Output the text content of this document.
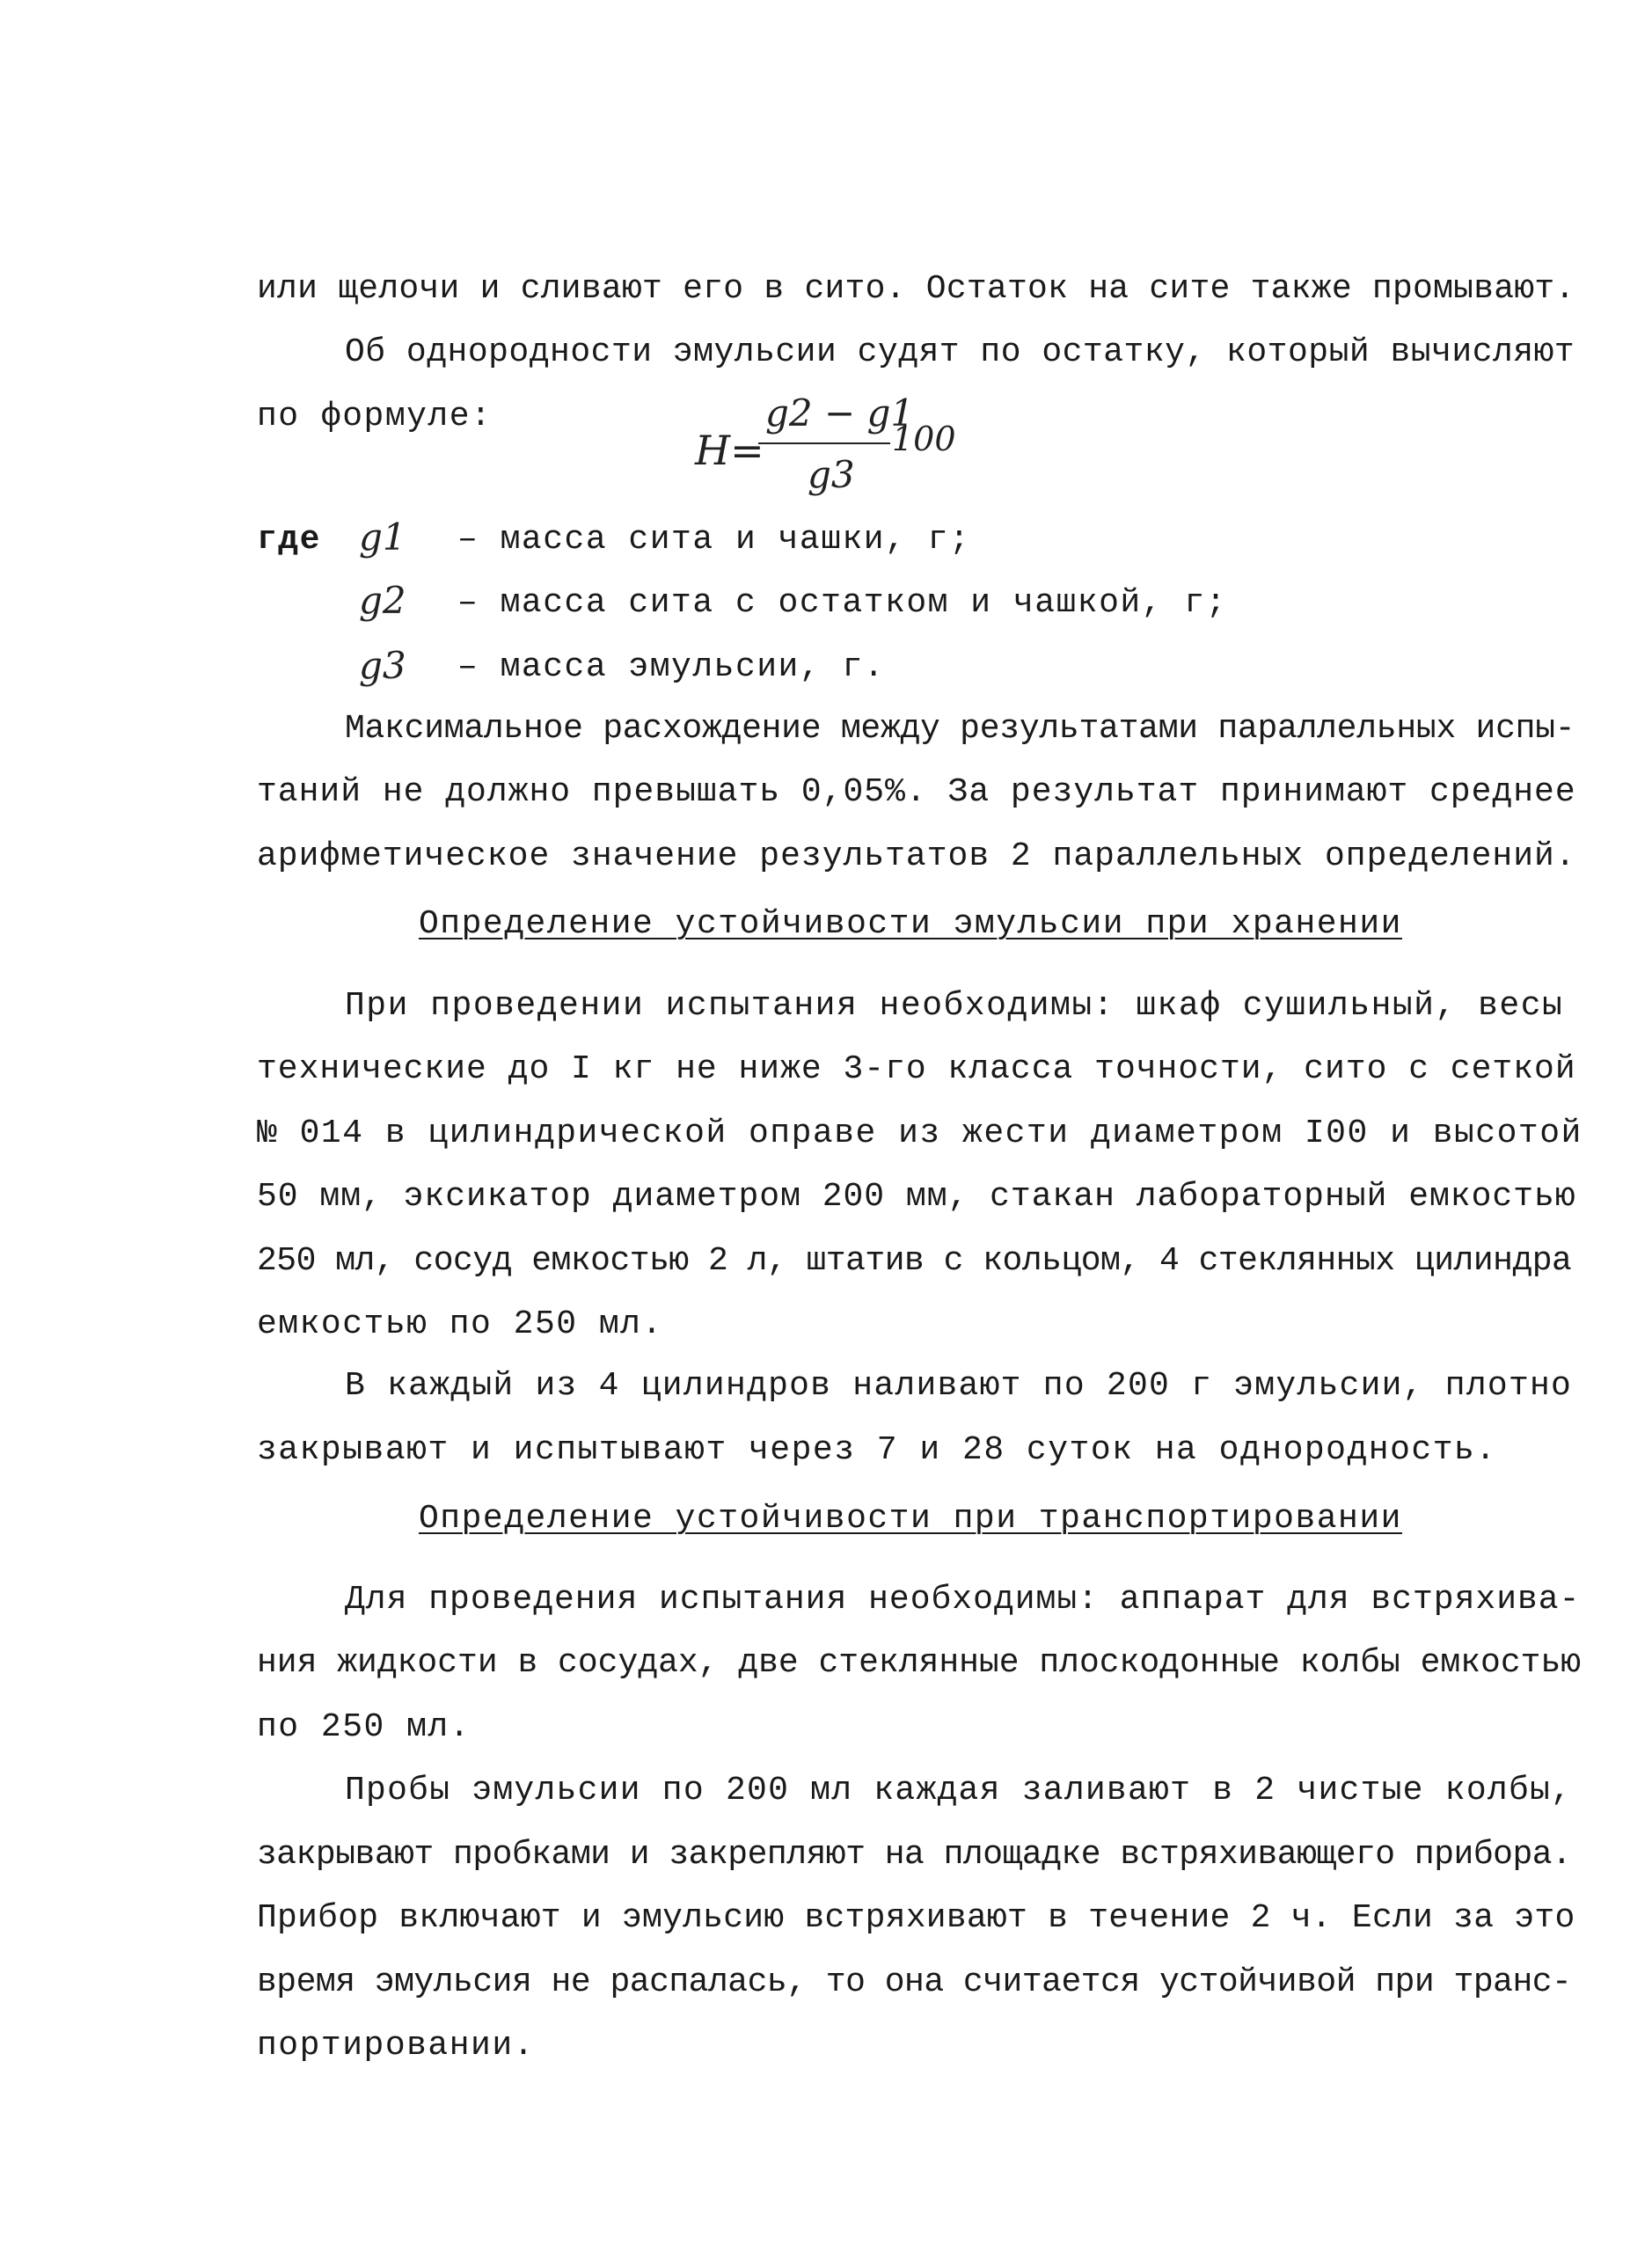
или щелочи и сливают его в сито. Остаток на сите также промывают.

Об однородности эмульсии судят по остатку, который вычисляют

по формуле:

H=
g2 − g1
g3
100

где g1 – масса сита и чашки, г;

g2 – масса сита с остатком и чашкой, г;

g3 – масса эмульсии, г.

Максимальное расхождение между результатами параллельных испы-

таний не должно превышать 0,05%. За результат принимают среднее

арифметическое значение результатов 2 параллельных определений.

Определение устойчивости эмульсии при хранении

При проведении испытания необходимы: шкаф сушильный, весы

технические до I кг не ниже 3-го класса точности, сито с сеткой

№ 014 в цилиндрической оправе из жести диаметром I00 и высотой

50 мм, эксикатор диаметром 200 мм, стакан лабораторный емкостью

250 мл, сосуд емкостью 2 л, штатив с кольцом, 4 стеклянных цилиндра

емкостью по 250 мл.

В каждый из 4 цилиндров наливают по 200 г эмульсии, плотно

закрывают и испытывают через 7 и 28 суток на однородность.

Определение устойчивости при транспортировании

Для проведения испытания необходимы: аппарат для встряхива-

ния жидкости в сосудах, две стеклянные плоскодонные колбы емкостью

по 250 мл.

Пробы эмульсии по 200 мл каждая заливают в 2 чистые колбы,

закрывают пробками и закрепляют на площадке встряхивающего прибора.

Прибор включают и эмульсию встряхивают в течение 2 ч. Если за это

время эмульсия не распалась, то она считается устойчивой при транс-

портировании.
